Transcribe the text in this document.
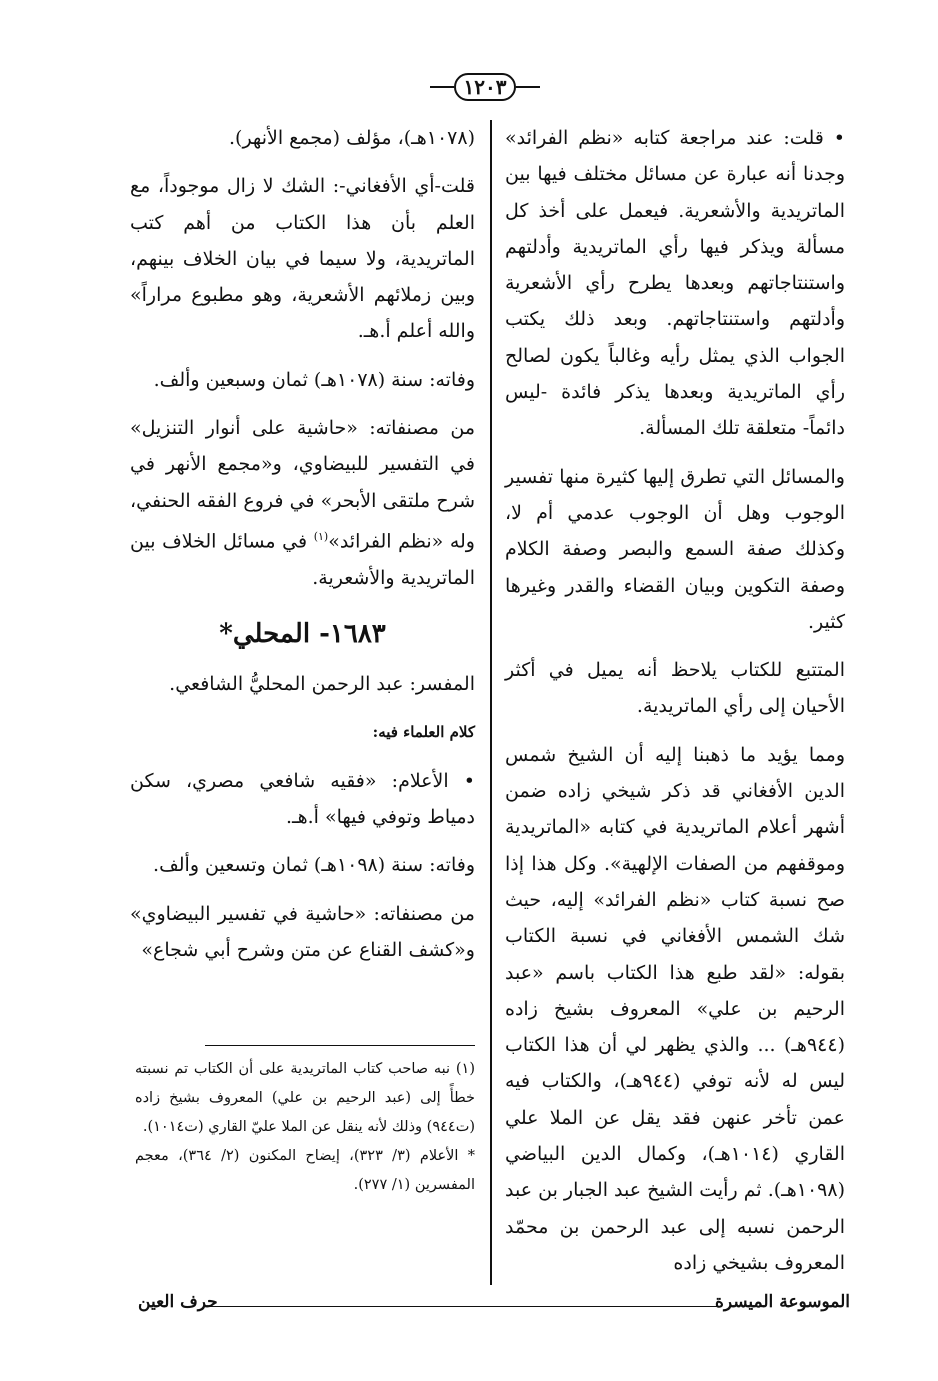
١٢٠٣

• قلت: عند مراجعة كتابه «نظم الفرائد» وجدنا أنه عبارة عن مسائل مختلف فيها بين الماتريدية والأشعرية. فيعمل على أخذ كل مسألة ويذكر فيها رأي الماتريدية وأدلتهم واستنتاجاتهم وبعدها يطرح رأي الأشعرية وأدلتهم واستنتاجاتهم. وبعد ذلك يكتب الجواب الذي يمثل رأيه وغالباً يكون لصالح رأي الماتريدية وبعدها يذكر فائدة -ليس دائماً- متعلقة تلك المسألة.

والمسائل التي تطرق إليها كثيرة منها تفسير الوجوب وهل أن الوجوب عدمي أم لا، وكذلك صفة السمع والبصر وصفة الكلام وصفة التكوين وبيان القضاء والقدر وغيرها كثير.

المتتبع للكتاب يلاحظ أنه يميل في أكثر الأحيان إلى رأي الماتريدية.

ومما يؤيد ما ذهبنا إليه أن الشيخ شمس الدين الأفغاني قد ذكر شيخي زاده ضمن أشهر أعلام الماتريدية في كتابه «الماتريدية وموقفهم من الصفات الإلهية». وكل هذا إذا صح نسبة كتاب «نظم الفرائد» إليه، حيث شك الشمس الأفغاني في نسبة الكتاب بقوله: «لقد طبع هذا الكتاب باسم «عبد الرحيم بن علي» المعروف بشيخ زاده (٩٤٤هـ) ... والذي يظهر لي أن هذا الكتاب ليس له لأنه توفي (٩٤٤هـ)، والكتاب فيه عمن تأخر عنهن فقد يقل عن الملا علي القاري (١٠١٤هـ)، وكمال الدين البياضي (١٠٩٨هـ). ثم رأيت الشيخ عبد الجبار بن عبد الرحمن نسبه إلى عبد الرحمن بن محمّد المعروف بشيخي زاده

(١٠٧٨هـ)، مؤلف (مجمع الأنهر).

قلت-أي الأفغاني-: الشك لا زال موجوداً، مع العلم بأن هذا الكتاب من أهم كتب الماتريدية، ولا سيما في بيان الخلاف بينهم، وبين زملائهم الأشعرية، وهو مطبوع مراراً» والله أعلم أ.هـ.

وفاته: سنة (١٠٧٨هـ) ثمان وسبعين وألف.

من مصنفاته: «حاشية على أنوار التنزيل» في التفسير للبيضاوي، و«مجمع الأنهر في شرح ملتقى الأبحر» في فروع الفقه الحنفي، وله «نظم الفرائد»$^{(١)}$ في مسائل الخلاف بين الماتريدية والأشعرية.

١٦٨٣- المحلي*

المفسر: عبد الرحمن المحليُّ الشافعي.

كلام العلماء فيه:

• الأعلام: «فقيه شافعي مصري، سكن دمياط وتوفي فيها» أ.هـ.

وفاته: سنة (١٠٩٨هـ) ثمان وتسعين وألف.

من مصنفاته: «حاشية في تفسير البيضاوي» و«كشف القناع عن متن وشرح أبي شجاع»

(١) نبه صاحب كتاب الماتريدية على أن الكتاب تم نسبته خطأً إلى (عبد الرحيم بن علي) المعروف بشيخ زاده (ت٩٤٤) وذلك لأنه ينقل عن الملا عليّ القاري (ت١٠١٤).

* الأعلام (٣/ ٣٢٣)، إيضاح المكنون (٢/ ٣٦٤)، معجم المفسرين (١/ ٢٧٧).

الموسوعة الميسرة
حرف العين
